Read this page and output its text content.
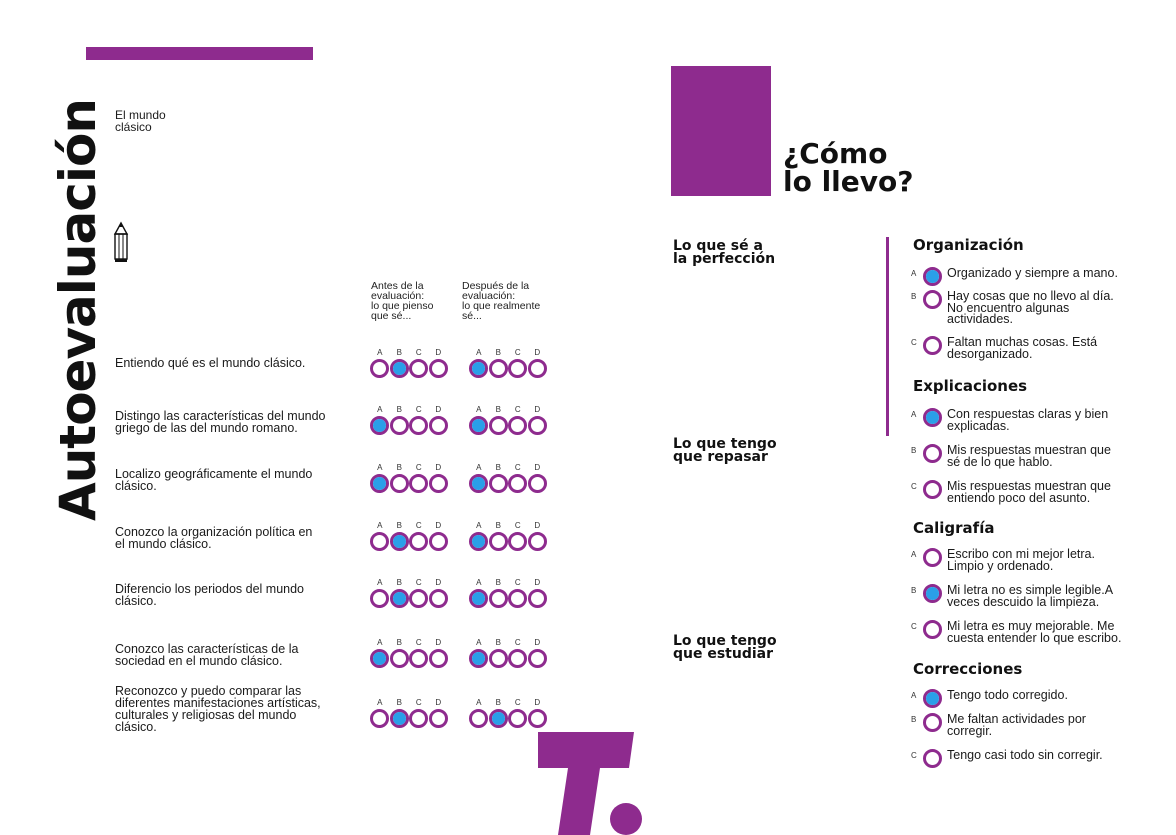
Autoevaluación El mundo
clásico
Antes de la
evaluación:
lo que pienso
que sé...
Después de la
evaluación:
lo que realmente
sé...
Entiendo qué es el mundo clásico.
A	B	C	D	A	B	C	D
Distingo las características del mundo
griego de las del mundo romano.
A	B	C	D	A	B	C	D
Localizo geográficamente el mundo
clásico.
A	B	C	D	A	B	C	D
Conozco la organización política en
el mundo clásico.
A	B	C	D	A	B	C	D
Diferencio los periodos del mundo
clásico.
A	B	C	D	A	B	C	D
Conozco las características de la
sociedad en el mundo clásico.
A	B	C	D	A	B	C	D
Reconozco y puedo comparar las
diferentes manifestaciones artísticas,
culturales y religiosas del mundo
clásico.
A	B	C	D	A	B	C	D
7.
¿Cómo
lo llevo?
Lo que sé a
la perfección
Lo que tengo
que repasar
Lo que tengo
que estudiar
Organización
A	Organizado y siempre a mano.
B	Hay cosas que no llevo al día.
No encuentro algunas
actividades.
C	Faltan muchas cosas. Está
desorganizado.
Explicaciones
A	Con respuestas claras y bien
explicadas.
B	Mis respuestas muestran que
sé de lo que hablo.
C	Mis respuestas muestran que
entiendo poco del asunto.
Caligrafía
A	Escribo con mi mejor letra.
Limpio y ordenado.
B	Mi letra no es simple legible.A
veces descuido la limpieza.
C	Mi letra es muy mejorable. Me
cuesta entender lo que escribo.
Correcciones
A	Tengo todo corregido.
B	Me faltan actividades por
corregir.
C	Tengo casi todo sin corregir.
